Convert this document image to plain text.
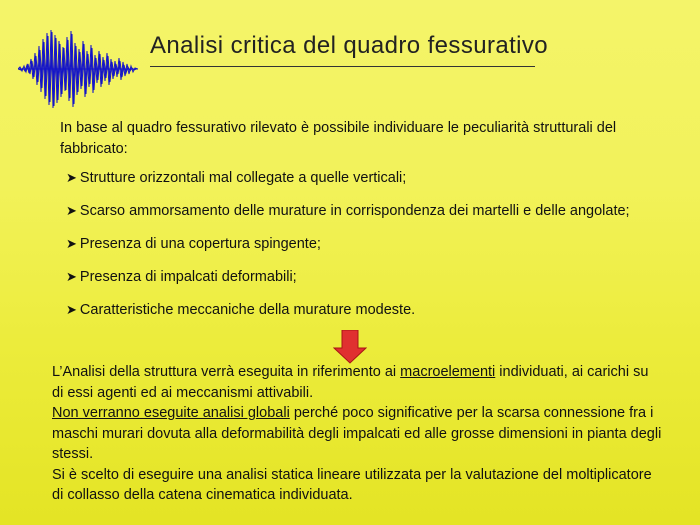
Analisi critica del quadro fessurativo
In base al quadro fessurativo rilevato è possibile individuare le peculiarità strutturali del fabbricato:
➤ Strutture orizzontali mal collegate a quelle verticali;
➤ Scarso ammorsamento delle murature in corrispondenza dei martelli e delle angolate;
➤ Presenza di una copertura spingente;
➤ Presenza di impalcati deformabili;
➤ Caratteristiche meccaniche della murature modeste.

L’Analisi della struttura verrà eseguita in riferimento ai macroelementi individuati, ai carichi su di essi agenti ed ai meccanismi attivabili.

Non verranno eseguite analisi globali perché poco significative per la scarsa connessione fra i maschi murari dovuta alla deformabilità degli impalcati ed alle grosse dimensioni in pianta degli stessi.

Si è scelto di eseguire una analisi statica lineare utilizzata per la valutazione del moltiplicatore di collasso della catena cinematica individuata.
